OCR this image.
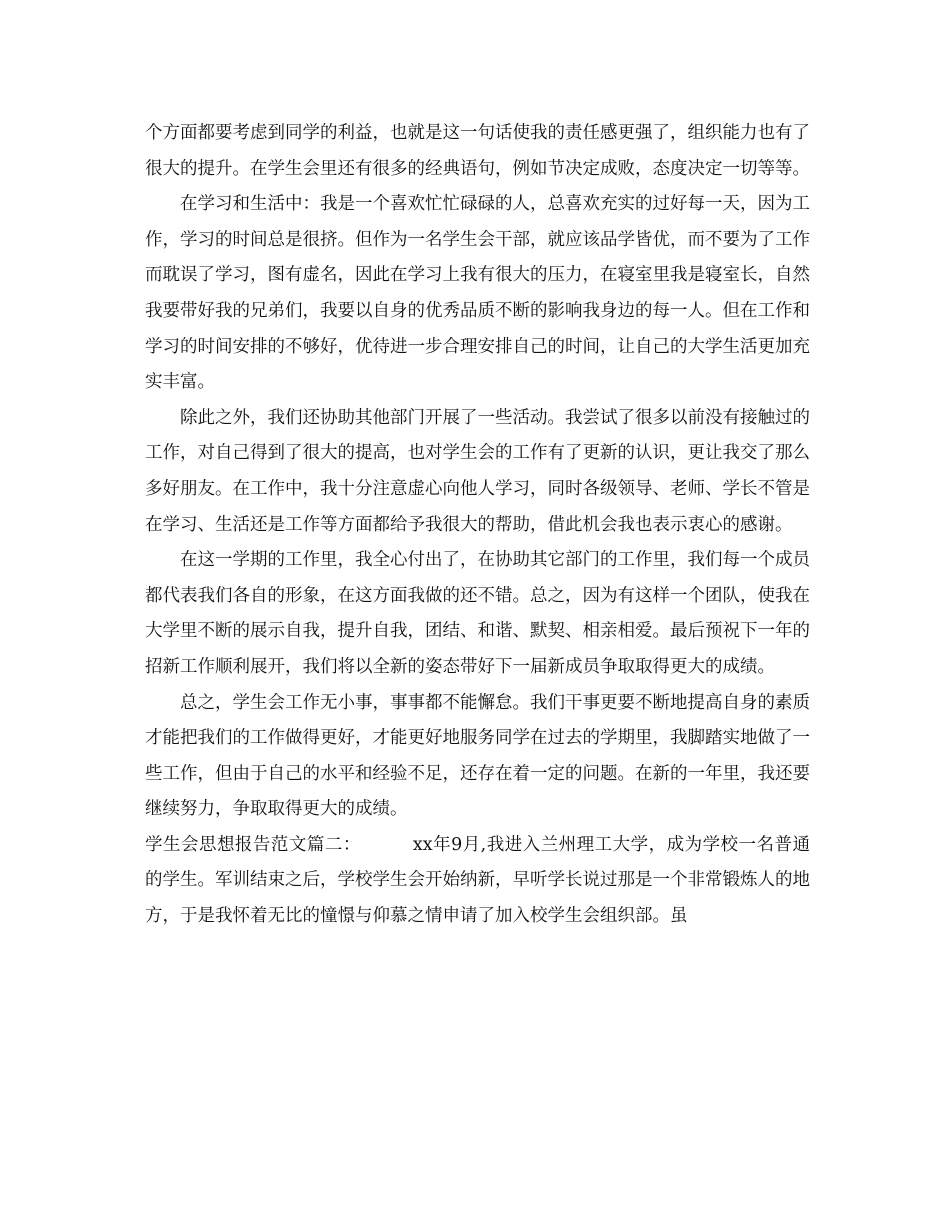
个方面都要考虑到同学的利益，也就是这一句话使我的责任感更强了，组织能力也有了很大的提升。在学生会里还有很多的经典语句，例如节决定成败，态度决定一切等等。

在学习和生活中：我是一个喜欢忙忙碌碌的人，总喜欢充实的过好每一天，因为工作，学习的时间总是很挤。但作为一名学生会干部，就应该品学皆优，而不要为了工作而耽误了学习，图有虚名，因此在学习上我有很大的压力，在寝室里我是寝室长，自然我要带好我的兄弟们，我要以自身的优秀品质不断的影响我身边的每一人。但在工作和学习的时间安排的不够好，优待进一步合理安排自己的时间，让自己的大学生活更加充实丰富。

除此之外，我们还协助其他部门开展了一些活动。我尝试了很多以前没有接触过的工作，对自己得到了很大的提高，也对学生会的工作有了更新的认识，更让我交了那么多好朋友。在工作中，我十分注意虚心向他人学习，同时各级领导、老师、学长不管是在学习、生活还是工作等方面都给予我很大的帮助，借此机会我也表示衷心的感谢。

在这一学期的工作里，我全心付出了，在协助其它部门的工作里，我们每一个成员都代表我们各自的形象，在这方面我做的还不错。总之，因为有这样一个团队，使我在大学里不断的展示自我，提升自我，团结、和谐、默契、相亲相爱。最后预祝下一年的招新工作顺利展开，我们将以全新的姿态带好下一届新成员争取取得更大的成绩。

总之，学生会工作无小事，事事都不能懈怠。我们干事更要不断地提高自身的素质才能把我们的工作做得更好，才能更好地服务同学在过去的学期里，我脚踏实地做了一些工作，但由于自己的水平和经验不足，还存在着一定的问题。在新的一年里，我还要继续努力，争取取得更大的成绩。

学生会思想报告范文篇二：	xx年9月,我进入兰州理工大学，成为学校一名普通的学生。军训结束之后，学校学生会开始纳新，早听学长说过那是一个非常锻炼人的地方，于是我怀着无比的憧憬与仰慕之情申请了加入校学生会组织部。虽
